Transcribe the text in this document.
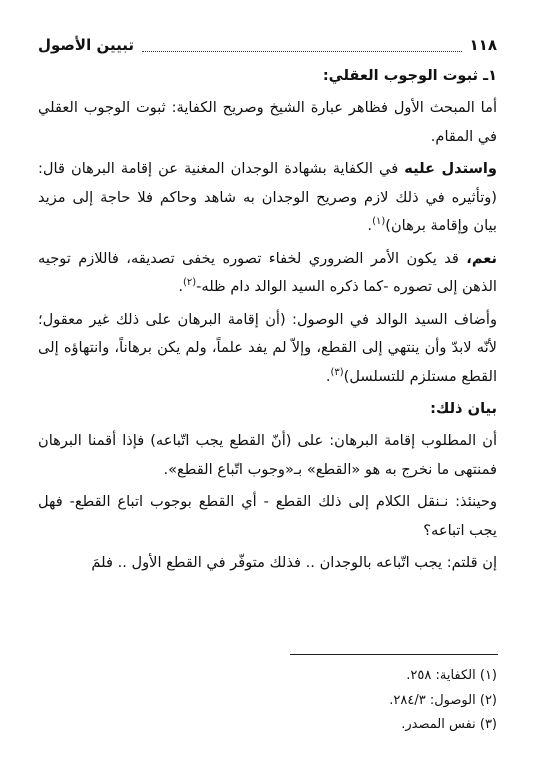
١١٨
تبيين الأصول

١ـ ثبوت الوجوب العقلي:

أما المبحث الأول فظاهر عبارة الشيخ وصريح الكفاية: ثبوت الوجوب العقلي في المقام.

واستدل عليه في الكفاية بشهادة الوجدان المغنية عن إقامة البرهان قال: (وتأثيره في ذلك لازم وصريح الوجدان به شاهد وحاكم فلا حاجة إلى مزيد بيان وإقامة برهان)$^{(١)}$.

نعم، قد يكون الأمر الضروري لخفاء تصوره يخفى تصديقه، فاللازم توجيه الذهن إلى تصوره -كما ذكره السيد الوالد دام ظله-$^{(٢)}$.

وأضاف السيد الوالد في الوصول: (أن إقامة البرهان على ذلك غير معقول؛ لأنّه لابدّ وأن ينتهي إلى القطع، وإلاّ لم يفد علماً، ولم يكن برهاناً، وانتهاؤه إلى القطع مستلزم للتسلسل)$^{(٣)}$.

بيان ذلك:

أن المطلوب إقامة البرهان: على (أنّ القطع يجب اتّباعه) فإذا أقمنا البرهان فمنتهى ما نخرج به هو «القطع» بـ«وجوب اتّباع القطع».

وحينئذ: نـنقل الكلام إلى ذلك القطع - أي القطع بوجوب اتباع القطع- فهل يجب اتباعه؟

إن قلتم: يجب اتّباعه بالوجدان .. فذلك متوفّر في القطع الأول .. فلمَ

(١) الكفاية: ٢٥٨.
(٢) الوصول: ٢٨٤/٣.
(٣) نفس المصدر.
